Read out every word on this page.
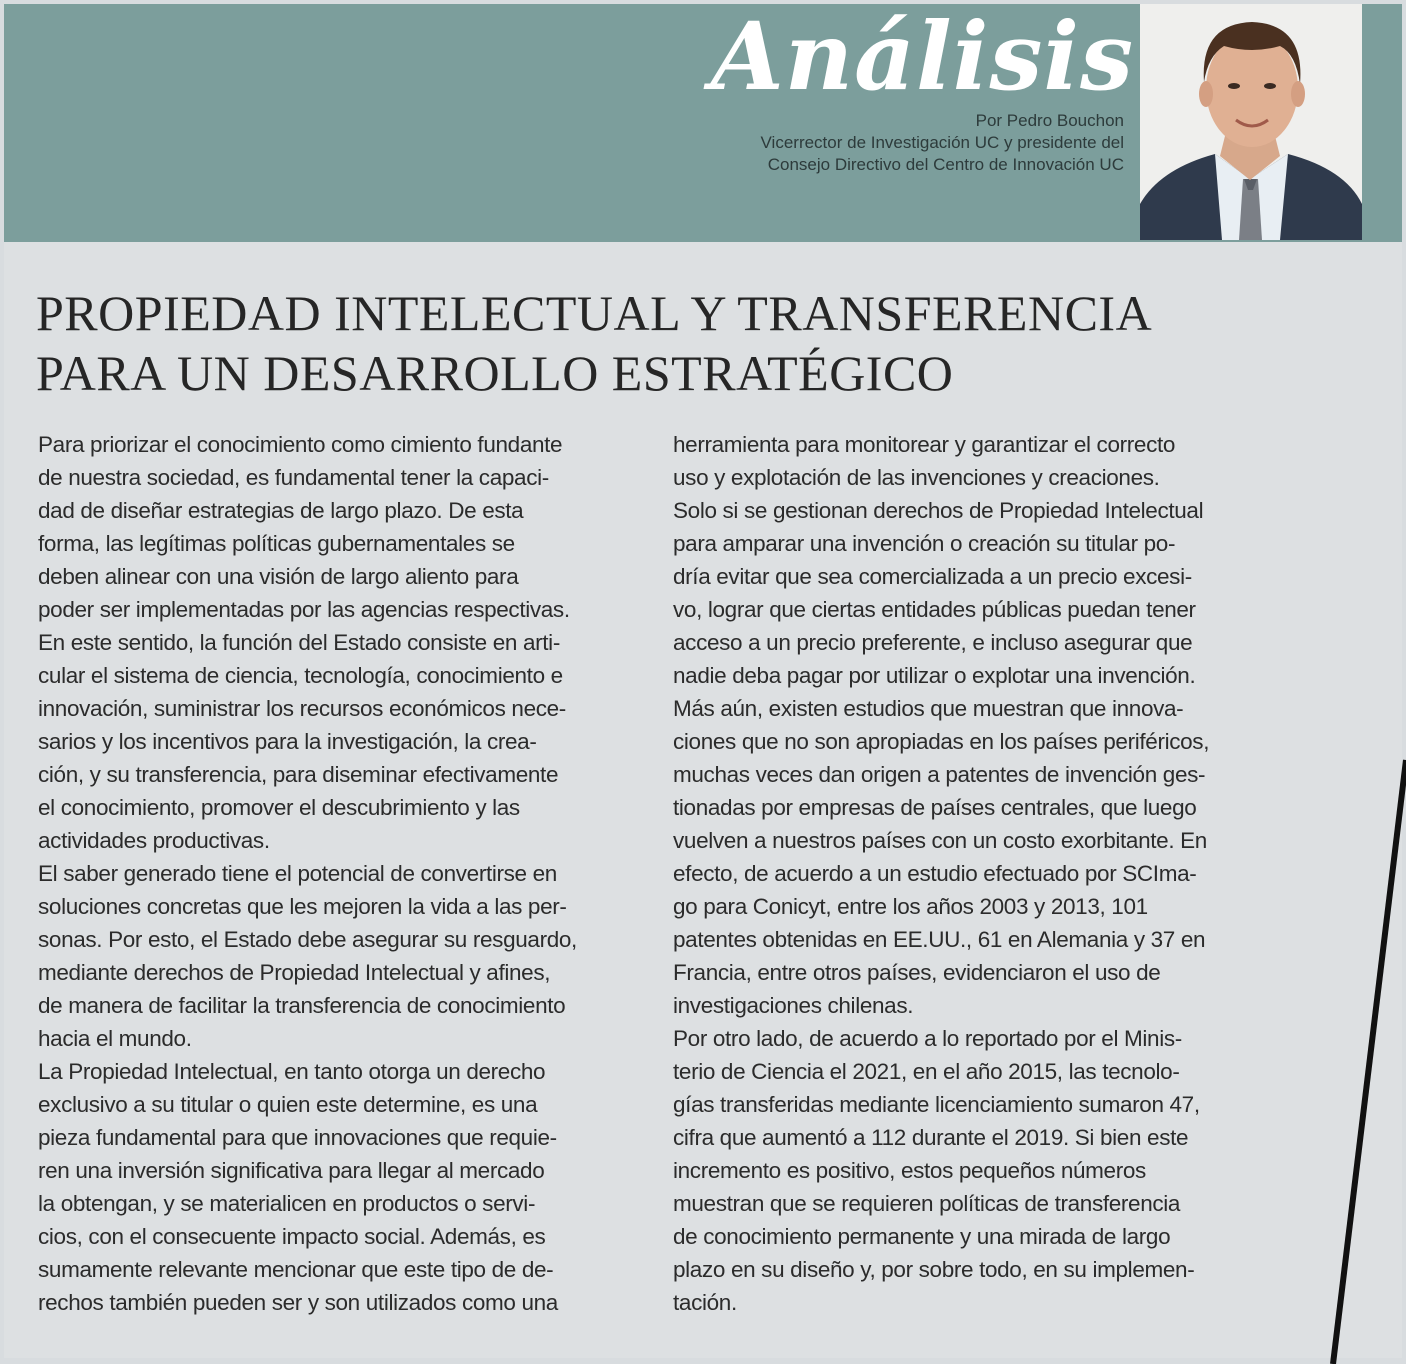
Análisis
Por Pedro Bouchon
Vicerrector de Investigación UC y presidente del
Consejo Directivo del Centro de Innovación UC
PROPIEDAD INTELECTUAL Y TRANSFERENCIA
PARA UN DESARROLLO ESTRATÉGICO
Para priorizar el conocimiento como cimiento fundante
de nuestra sociedad, es fundamental tener la capaci-
dad de diseñar estrategias de largo plazo. De esta
forma, las legítimas políticas gubernamentales se
deben alinear con una visión de largo aliento para
poder ser implementadas por las agencias respectivas.
En este sentido, la función del Estado consiste en arti-
cular el sistema de ciencia, tecnología, conocimiento e
innovación, suministrar los recursos económicos nece-
sarios y los incentivos para la investigación, la crea-
ción, y su transferencia, para diseminar efectivamente
el conocimiento, promover el descubrimiento y las
actividades productivas.
El saber generado tiene el potencial de convertirse en
soluciones concretas que les mejoren la vida a las per-
sonas. Por esto, el Estado debe asegurar su resguardo,
mediante derechos de Propiedad Intelectual y afines,
de manera de facilitar la transferencia de conocimiento
hacia el mundo.
La Propiedad Intelectual, en tanto otorga un derecho
exclusivo a su titular o quien este determine, es una
pieza fundamental para que innovaciones que requie-
ren una inversión significativa para llegar al mercado
la obtengan, y se materialicen en productos o servi-
cios, con el consecuente impacto social. Además, es
sumamente relevante mencionar que este tipo de de-
rechos también pueden ser y son utilizados como una
herramienta para monitorear y garantizar el correcto
uso y explotación de las invenciones y creaciones.
Solo si se gestionan derechos de Propiedad Intelectual
para amparar una invención o creación su titular po-
dría evitar que sea comercializada a un precio excesi-
vo, lograr que ciertas entidades públicas puedan tener
acceso a un precio preferente, e incluso asegurar que
nadie deba pagar por utilizar o explotar una invención.
Más aún, existen estudios que muestran que innova-
ciones que no son apropiadas en los países periféricos,
muchas veces dan origen a patentes de invención ges-
tionadas por empresas de países centrales, que luego
vuelven a nuestros países con un costo exorbitante. En
efecto, de acuerdo a un estudio efectuado por SCIma-
go para Conicyt, entre los años 2003 y 2013, 101
patentes obtenidas en EE.UU., 61 en Alemania y 37 en
Francia, entre otros países, evidenciaron el uso de
investigaciones chilenas.
Por otro lado, de acuerdo a lo reportado por el Minis-
terio de Ciencia el 2021, en el año 2015, las tecnolo-
gías transferidas mediante licenciamiento sumaron 47,
cifra que aumentó a 112 durante el 2019. Si bien este
incremento es positivo, estos pequeños números
muestran que se requieren políticas de transferencia
de conocimiento permanente y una mirada de largo
plazo en su diseño y, por sobre todo, en su implemen-
tación.
